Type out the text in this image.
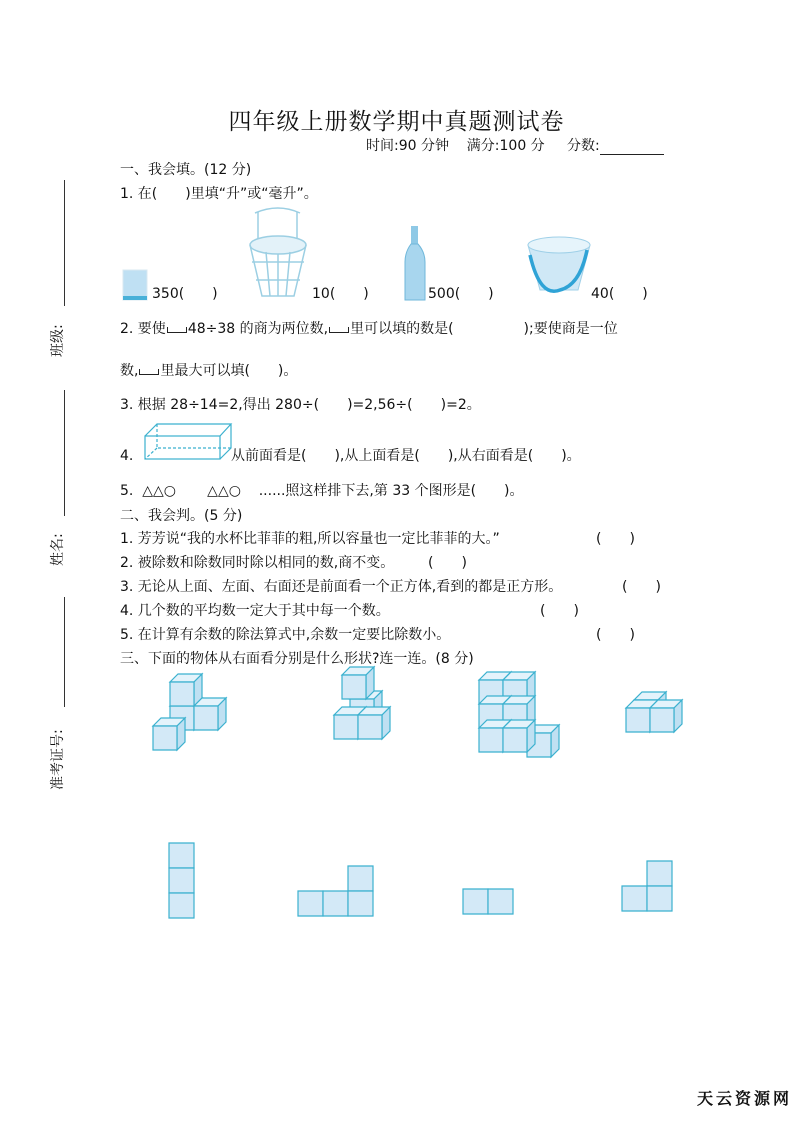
四年级上册数学期中真题测试卷
时间:90 分钟 满分:100 分 分数:
班级:
姓名:
准考证号:
一、我会填。(12 分)
1. 在(　　)里填“升”或“毫升”。
350(　　)	10(　　)	500(　　)	40(　　)
2. 要使 48÷38 的商为两位数, 里可以填的数是(　　　　　);要使商是一位
数, 里最大可以填(　　)。
3. 根据 28÷14=2,得出 280÷(　　)=2,56÷(　　)=2。
4.	从前面看是(　　),从上面看是(　　),从右面看是(　　)。
5. △△○ △△○ ......照这样排下去,第 33 个图形是(　　)。
二、我会判。(5 分)
1. 芳芳说“我的水杯比菲菲的粗,所以容量也一定比菲菲的大。”	(　　)
2. 被除数和除数同时除以相同的数,商不变。 (　　)
3. 无论从上面、左面、右面还是前面看一个正方体,看到的都是正方形。	(　　)
4. 几个数的平均数一定大于其中每一个数。	(　　)
5. 在计算有余数的除法算式中,余数一定要比除数小。	(　　)
三、下面的物体从右面看分别是什么形状?连一连。(8 分)
天云资源网
